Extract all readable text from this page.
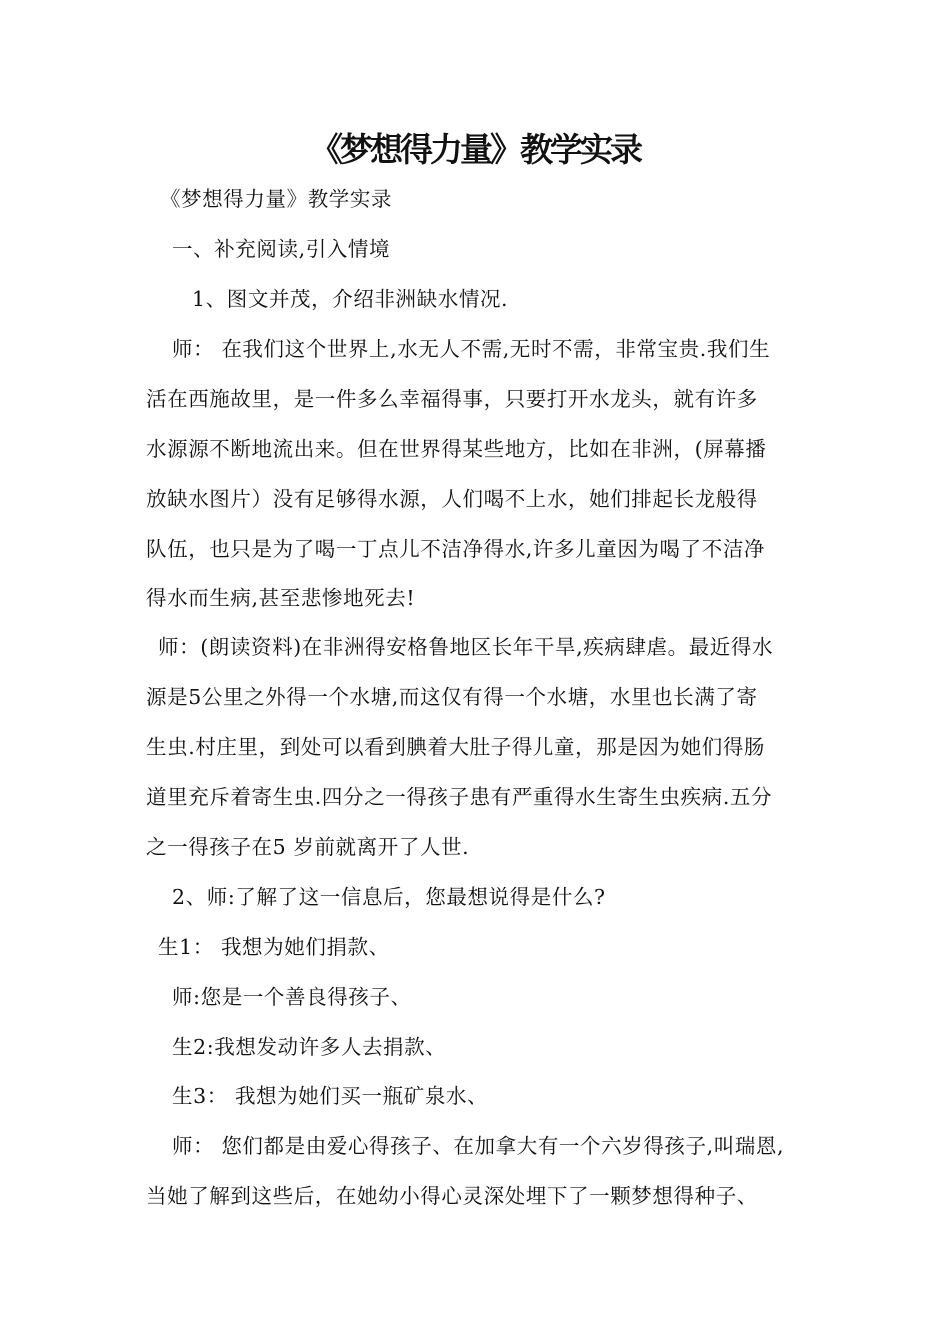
《梦想得力量》教学实录
《梦想得力量》教学实录
一、补充阅读,引入情境
1、图文并茂，介绍非洲缺水情况.
师： 在我们这个世界上,水无人不需,无时不需，非常宝贵.我们生
活在西施故里，是一件多么幸福得事，只要打开水龙头，就有许多
水源源不断地流出来。但在世界得某些地方，比如在非洲，(屏幕播
放缺水图片）没有足够得水源，人们喝不上水，她们排起长龙般得
队伍，也只是为了喝一丁点儿不洁净得水,许多儿童因为喝了不洁净
得水而生病,甚至悲惨地死去!
师：(朗读资料)在非洲得安格鲁地区长年干旱,疾病肆虐。最近得水
源是5公里之外得一个水塘,而这仅有得一个水塘，水里也长满了寄
生虫.村庄里，到处可以看到腆着大肚子得儿童，那是因为她们得肠
道里充斥着寄生虫.四分之一得孩子患有严重得水生寄生虫疾病.五分
之一得孩子在5 岁前就离开了人世.
2、师:了解了这一信息后，您最想说得是什么?
生1： 我想为她们捐款、
师:您是一个善良得孩子、
生2:我想发动许多人去捐款、
生3： 我想为她们买一瓶矿泉水、
师： 您们都是由爱心得孩子、在加拿大有一个六岁得孩子,叫瑞恩,
当她了解到这些后，在她幼小得心灵深处埋下了一颗梦想得种子、
